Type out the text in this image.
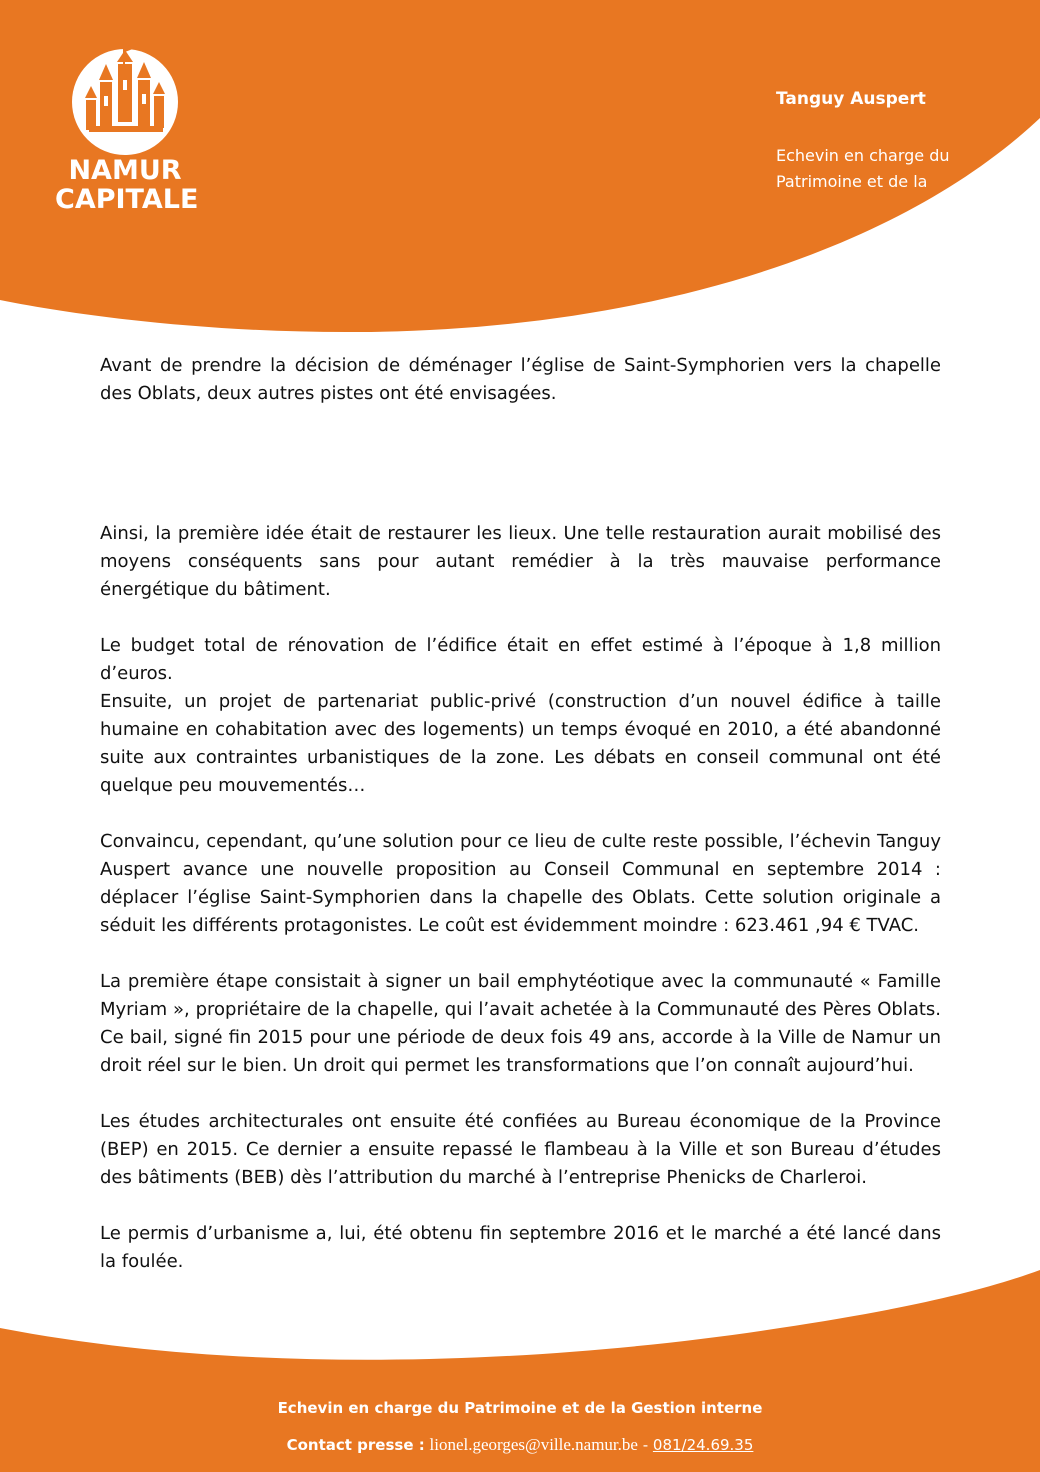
NAMUR
CAPITALE
Tanguy Auspert
Echevin en charge du
Patrimoine et de la

Avant de prendre la décision de déménager l’église de Saint-Symphorien vers la chapelle des Oblats, deux autres pistes ont été envisagées.

Ainsi, la première idée était de restaurer les lieux. Une telle restauration aurait mobilisé des moyens conséquents sans pour autant remédier à la très mauvaise performance énergétique du bâtiment.

Le budget total de rénovation de l’édifice était en effet estimé à l’époque à 1,8 million d’euros.

Ensuite, un projet de partenariat public-privé (construction d’un nouvel édifice à taille humaine en cohabitation avec des logements) un temps évoqué en 2010, a été abandonné suite aux contraintes urbanistiques de la zone. Les débats en conseil communal ont été quelque peu mouvementés…

Convaincu, cependant, qu’une solution pour ce lieu de culte reste possible, l’échevin Tanguy Auspert avance une nouvelle proposition au Conseil Communal en septembre 2014 : déplacer l’église Saint-Symphorien dans la chapelle des Oblats. Cette solution originale a séduit les différents protagonistes. Le coût est évidemment moindre : 623.461 ,94 € TVAC.

La première étape consistait à signer un bail emphytéotique avec la communauté « Famille Myriam », propriétaire de la chapelle, qui l’avait achetée à la Communauté des Pères Oblats. Ce bail, signé fin 2015 pour une période de deux fois 49 ans, accorde à la Ville de Namur un droit réel sur le bien. Un droit qui permet les transformations que l’on connaît aujourd’hui.

Les études architecturales ont ensuite été confiées au Bureau économique de la Province (BEP) en 2015. Ce dernier a ensuite repassé le flambeau à la Ville et son Bureau d’études des bâtiments (BEB) dès l’attribution du marché à l’entreprise Phenicks de Charleroi.

Le permis d’urbanisme a, lui, été obtenu fin septembre 2016 et le marché a été lancé dans la foulée.

Echevin en charge du Patrimoine et de la Gestion interne
Contact presse : lionel.georges@ville.namur.be - 081/24.69.35
